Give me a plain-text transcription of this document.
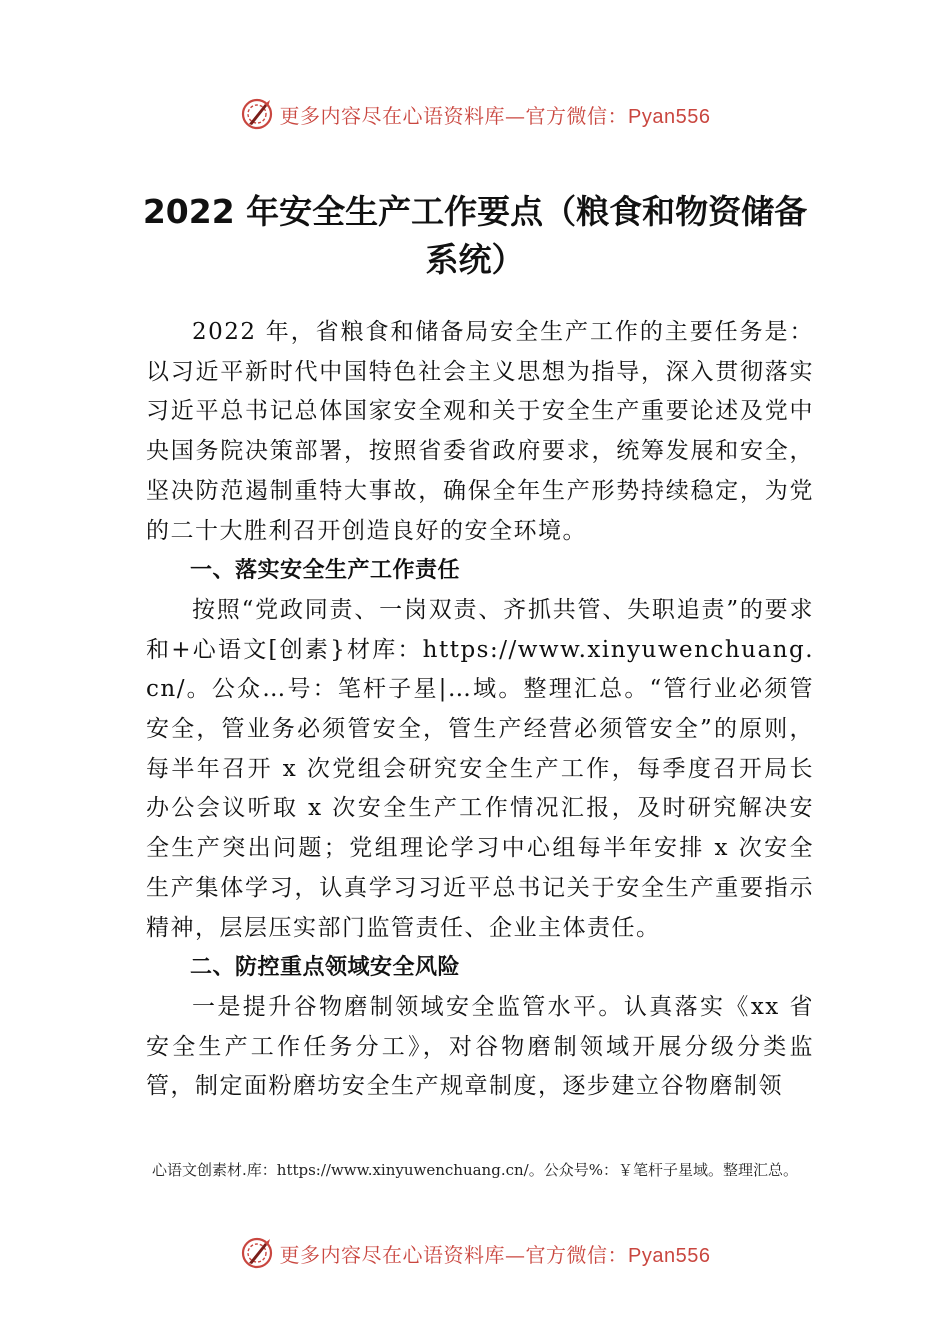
更多内容尽在心语资料库—官方微信：Pyan556
2022 年安全生产工作要点（粮食和物资储备系统）

2022 年，省粮食和储备局安全生产工作的主要任务是：以习近平新时代中国特色社会主义思想为指导，深入贯彻落实习近平总书记总体国家安全观和关于安全生产重要论述及党中央国务院决策部署，按照省委省政府要求，统筹发展和安全，坚决防范遏制重特大事故，确保全年生产形势持续稳定，为党的二十大胜利召开创造良好的安全环境。

一、落实安全生产工作责任

按照“党政同责、一岗双责、齐抓共管、失职追责”的要求和+心语文[创素}材库：https://www.xinyuwenchuang.cn/。公众…号：笔杆子星|…域。整理汇总。“管行业必须管安全，管业务必须管安全，管生产经营必须管安全”的原则，每半年召开 x 次党组会研究安全生产工作，每季度召开局长办公会议听取 x 次安全生产工作情况汇报，及时研究解决安全生产突出问题；党组理论学习中心组每半年安排 x 次安全生产集体学习，认真学习习近平总书记关于安全生产重要指示精神，层层压实部门监管责任、企业主体责任。

二、防控重点领域安全风险

一是提升谷物磨制领域安全监管水平。认真落实《xx 省安全生产工作任务分工》，对谷物磨制领域开展分级分类监管，制定面粉磨坊安全生产规章制度，逐步建立谷物磨制领

心语文创素材.库：https://www.xinyuwenchuang.cn/。公众号%：￥笔杆子星域。整理汇总。
更多内容尽在心语资料库—官方微信：Pyan556
